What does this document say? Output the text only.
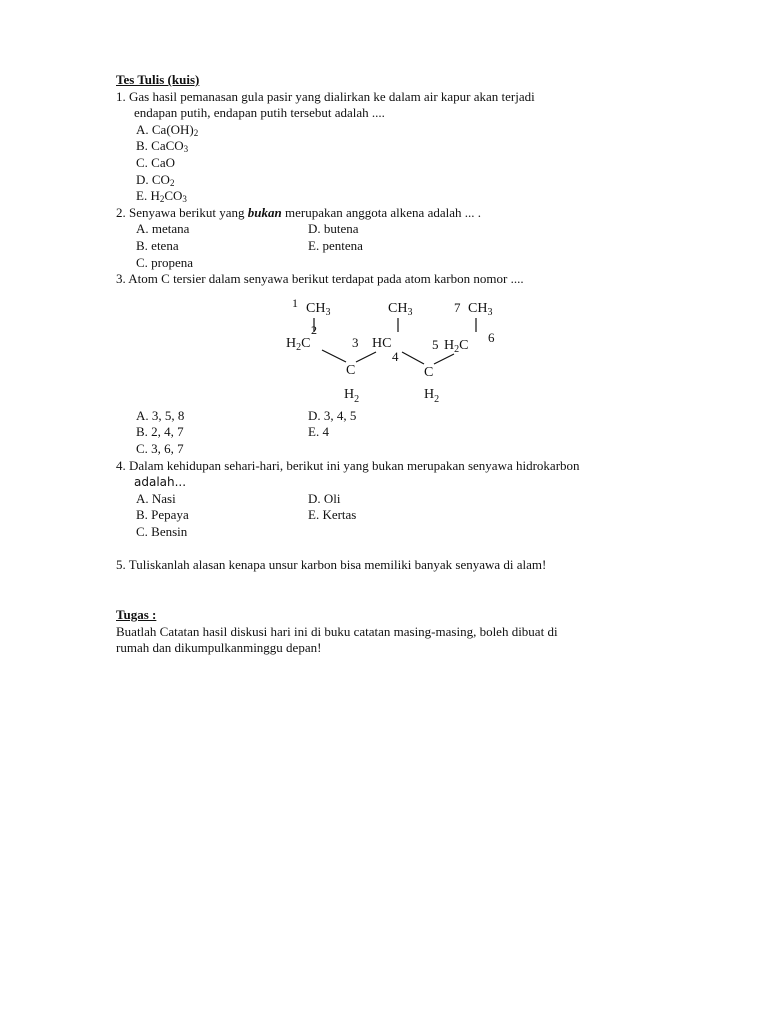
Tes Tulis (kuis)
1. Gas hasil pemanasan gula pasir yang dialirkan ke dalam air kapur akan terjadi
endapan putih, endapan putih tersebut adalah ....
A. $Ca(OH)_2$
B. CaCO$_3$
C. CaO
D. $CO_2$
E. $H_2CO_3$
2. Senyawa berikut yang bukan merupakan anggota alkena adalah ... .
A. metana	D. butena
B. etena	E. pentena
C. propena
3. Atom C tersier dalam senyawa berikut terdapat pada atom karbon nomor ....
1 $CH_3$	$CH_3$	7 $CH_3$
2
$H_2C$	3 HC
4
5 $H_2C$
6
C	C
$H_2$	$H_2$
A. 3, 5, 8	D. 3, 4, 5
B. 2, 4, 7	E. 4
C. 3, 6, 7
4. Dalam kehidupan sehari-hari, berikut ini yang bukan merupakan senyawa hidrokarbon
adalah...
A. Nasi	D. Oli
B. Pepaya	E. Kertas
C. Bensin
5. Tuliskanlah alasan kenapa unsur karbon bisa memiliki banyak senyawa di alam!
Tugas :
Buatlah Catatan hasil diskusi hari ini di buku catatan masing-masing, boleh dibuat di
rumah dan dikumpulkanminggu depan!
